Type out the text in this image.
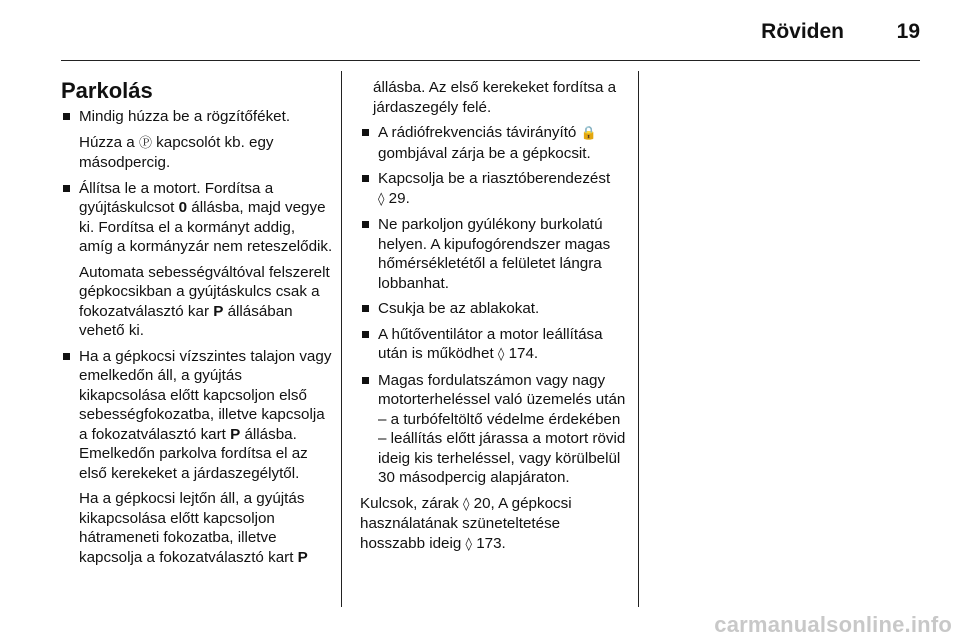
Röviden	19
Parkolás
Mindig húzza be a rögzítőféket.
Húzza a Ⓟ kapcsolót kb. egy másodpercig.
Állítsa le a motort. Fordítsa a gyújtáskulcsot 0 állásba, majd vegye ki. Fordítsa el a kormányt addig, amíg a kormányzár nem reteszelődik.
Automata sebességváltóval felszerelt gépkocsikban a gyújtáskulcs csak a fokozatválasztó kar P állásában vehető ki.
Ha a gépkocsi vízszintes talajon vagy emelkedőn áll, a gyújtás kikapcsolása előtt kapcsoljon első sebességfokozatba, illetve kapcsolja a fokozatválasztó kart P állásba. Emelkedőn parkolva fordítsa el az első kerekeket a járdaszegélytől.
Ha a gépkocsi lejtőn áll, a gyújtás kikapcsolása előtt kapcsoljon hátrameneti fokozatba, illetve kapcsolja a fokozatválasztó kart P
állásba. Az első kerekeket fordítsa a járdaszegély felé.
A rádiófrekvenciás távirányító 🔒 gombjával zárja be a gépkocsit.
Kapcsolja be a riasztóberendezést
◊ 29.
Ne parkoljon gyúlékony burkolatú helyen. A kipufogórendszer magas hőmérsékletétől a felületet lángra lobbanhat.
Csukja be az ablakokat.
A hűtőventilátor a motor leállítása után is működhet ◊ 174.
Magas fordulatszámon vagy nagy motorterheléssel való üzemelés után – a turbófeltöltő védelme érdekében – leállítás előtt járassa a motort rövid ideig kis terheléssel, vagy körülbelül 30 másodpercig alapjáraton.
Kulcsok, zárak ◊ 20, A gépkocsi használatának szüneteltetése hosszabb ideig ◊ 173.
carmanualsonline.info
